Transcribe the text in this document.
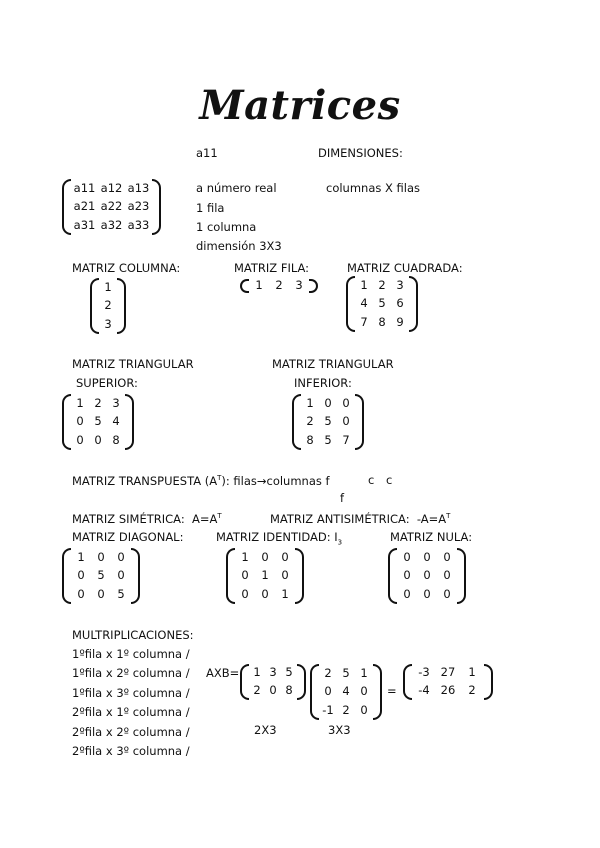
Matrices
a11	DIMENSIONES:
a11 a12 a13
a21 a22 a23
a31 a32 a33
a número real
1 fila
1 columna
dimensión 3X3
columnas X filas
MATRIZ COLUMNA:
1
2
3
MATRIZ FILA:
1	2	3
MATRIZ CUADRADA:
1 2 3
4 5 6
7 8 9
MATRIZ TRIANGULAR
SUPERIOR:
1 2 3
0 5 4
0 0 8
MATRIZ TRIANGULAR
INFERIOR:
1 0 0
2 5 0
8 5 7
MATRIZ TRANSPUESTA $(A^T)$: filas→columnas f	c c
f
MATRIZ SIMÉTRICA: $A=A^T$	MATRIZ ANTISIMÉTRICA: $-A=A^T$
MATRIZ DIAGONAL:
1	0	0
0	5	0
0	0	5
MATRIZ IDENTIDAD: $I_3$
1	0	0
0	1	0
0	0	1
MATRIZ NULA:
0	0	0
0	0	0
0	0	0
MULTRIPLICACIONES:
1ºfila x 1º columna /
1ºfila x 2º columna /
1ºfila x 3º columna /
2ºfila x 1º columna /
2ºfila x 2º columna /
2ºfila x 3º columna /
AXB=	1 3 5
2 0 8
2 5 1
0 4 0
-1 2 0
=
-3 27	1
-4 26	2
2X3	3X3
